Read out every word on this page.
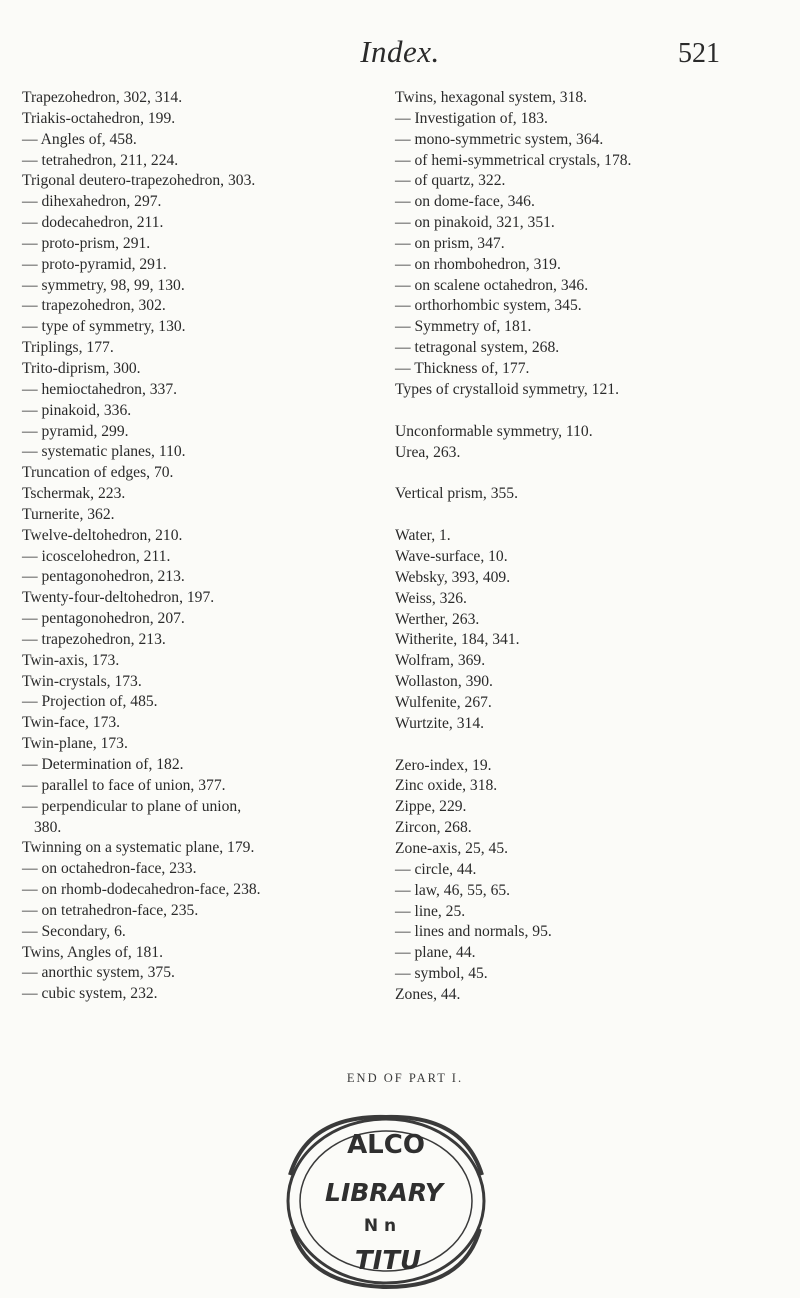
Index.	521
Trapezohedron, 302, 314.
Triakis-octahedron, 199.
— Angles of, 458.
— tetrahedron, 211, 224.
Trigonal deutero-trapezohedron, 303.
— dihexahedron, 297.
— dodecahedron, 211.
— proto-prism, 291.
— proto-pyramid, 291.
— symmetry, 98, 99, 130.
— trapezohedron, 302.
— type of symmetry, 130.
Triplings, 177.
Trito-diprism, 300.
— hemioctahedron, 337.
— pinakoid, 336.
— pyramid, 299.
— systematic planes, 110.
Truncation of edges, 70.
Tschermak, 223.
Turnerite, 362.
Twelve-deltohedron, 210.
— icoscelohedron, 211.
— pentagonohedron, 213.
Twenty-four-deltohedron, 197.
— pentagonohedron, 207.
— trapezohedron, 213.
Twin-axis, 173.
Twin-crystals, 173.
— Projection of, 485.
Twin-face, 173.
Twin-plane, 173.
— Determination of, 182.
— parallel to face of union, 377.
— perpendicular to plane of union,
380.
Twinning on a systematic plane, 179.
— on octahedron-face, 233.
— on rhomb-dodecahedron-face, 238.
— on tetrahedron-face, 235.
— Secondary, 6.
Twins, Angles of, 181.
— anorthic system, 375.
— cubic system, 232.
Twins, hexagonal system, 318.
— Investigation of, 183.
— mono-symmetric system, 364.
— of hemi-symmetrical crystals, 178.
— of quartz, 322.
— on dome-face, 346.
— on pinakoid, 321, 351.
— on prism, 347.
— on rhombohedron, 319.
— on scalene octahedron, 346.
— orthorhombic system, 345.
— Symmetry of, 181.
— tetragonal system, 268.
— Thickness of, 177.
Types of crystalloid symmetry, 121.
Unconformable symmetry, 110.
Urea, 263.
Vertical prism, 355.
Water, 1.
Wave-surface, 10.
Websky, 393, 409.
Weiss, 326.
Werther, 263.
Witherite, 184, 341.
Wolfram, 369.
Wollaston, 390.
Wulfenite, 267.
Wurtzite, 314.
Zero-index, 19.
Zinc oxide, 318.
Zippe, 229.
Zircon, 268.
Zone-axis, 25, 45.
— circle, 44.
— law, 46, 55, 65.
— line, 25.
— lines and normals, 95.
— plane, 44.
— symbol, 45.
Zones, 44.
END OF PART I.
ALCO
LIBRARY
N n
TITU
